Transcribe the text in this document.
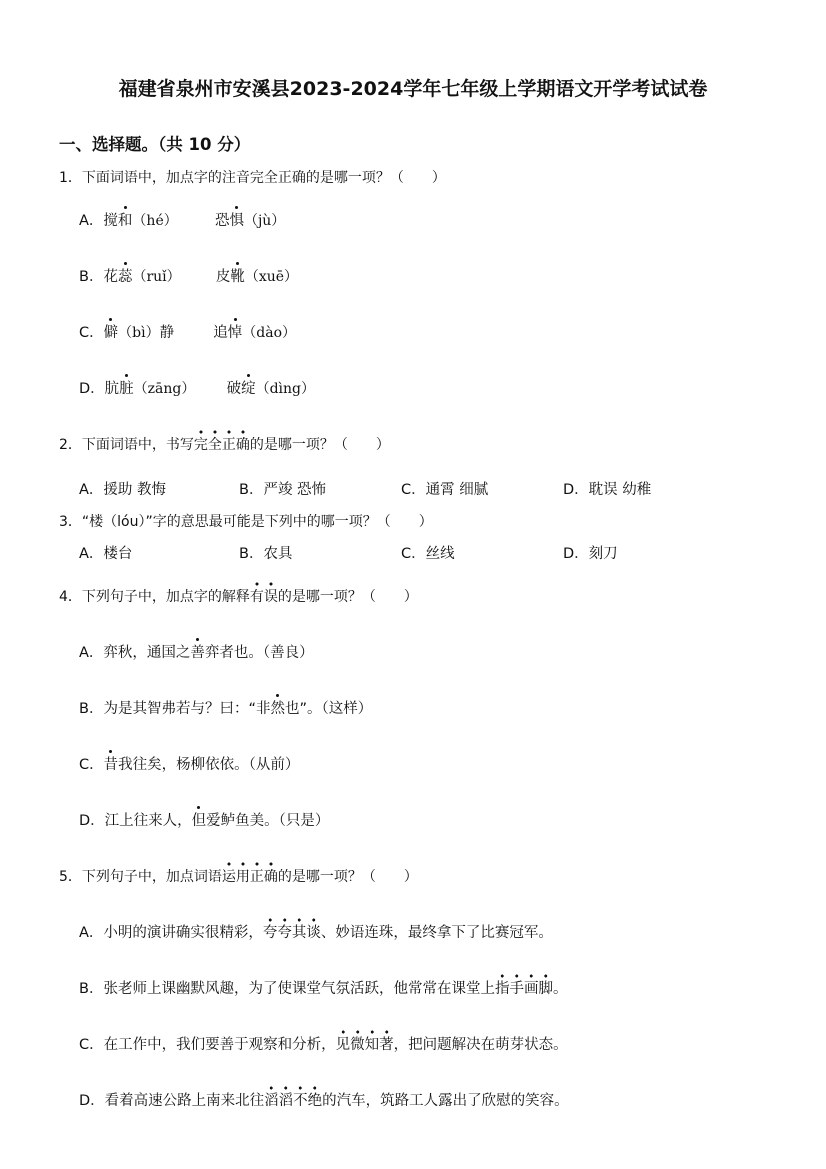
福建省泉州市安溪县2023-2024学年七年级上学期语文开学考试试卷
一、选择题。（共 10 分）
1．下面词语中，加点字的注音完全正确的是哪一项？（　　）
A．搅和（hé）	恐惧（jù）
B．花蕊（ruǐ） 皮靴（xuē）
C．僻（bì）静	追悼（dào）
D．肮脏（zāng） 破绽（dìng）
2．下面词语中，书写完全正确的是哪一项？（　　）
A．援助 教悔	B．严竣 恐怖	C．通霄 细腻	D．耽误 幼稚
3．“楼（lóu）”字的意思最可能是下列中的哪一项？（　　）
A．楼台	B．农具	C．丝线	D．刻刀
4．下列句子中，加点字的解释有误的是哪一项？（　　）
A．弈秋，通国之善弈者也。（善良）
B．为是其智弗若与？曰：“非然也”。（这样）
C．昔我往矣，杨柳依依。（从前）
D．江上往来人，但爱鲈鱼美。（只是）
5．下列句子中，加点词语运用正确的是哪一项？（　　）
A．小明的演讲确实很精彩，夸夸其谈、妙语连珠，最终拿下了比赛冠军。
B．张老师上课幽默风趣，为了使课堂气氛活跃，他常常在课堂上指手画脚。
C．在工作中，我们要善于观察和分析，见微知著，把问题解决在萌芽状态。
D．看着高速公路上南来北往滔滔不绝的汽车，筑路工人露出了欣慰的笑容。
